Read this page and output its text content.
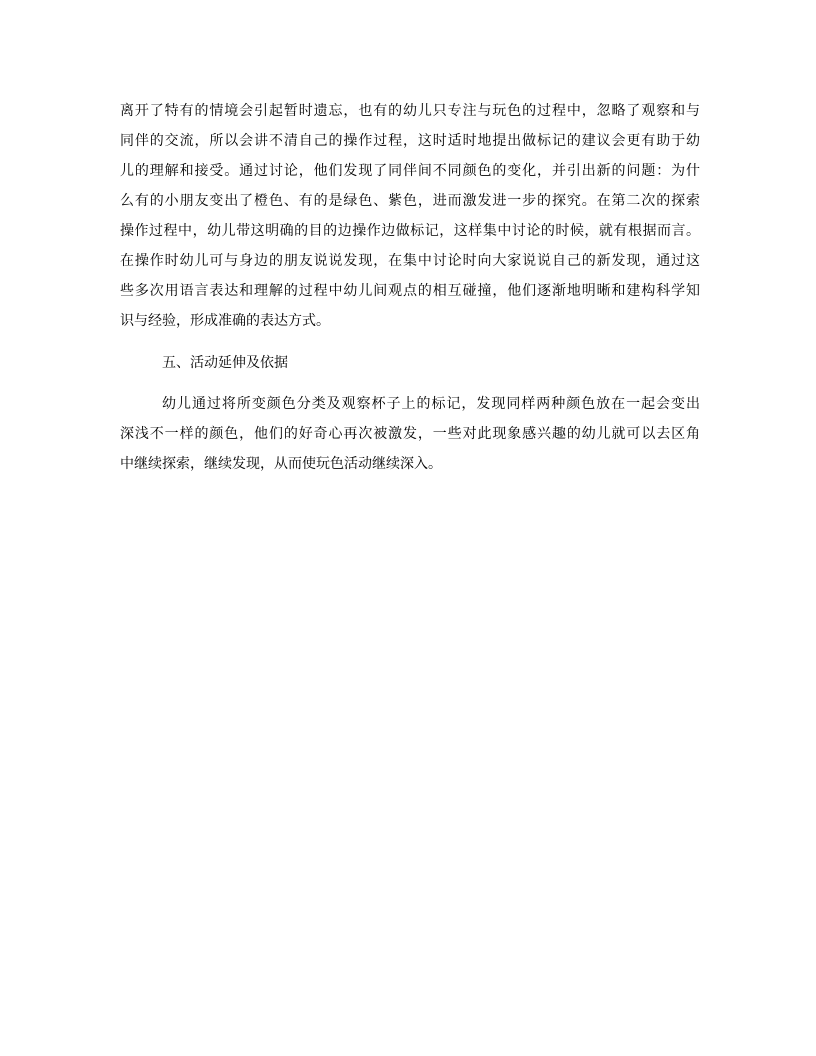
离开了特有的情境会引起暂时遗忘，也有的幼儿只专注与玩色的过程中，忽略了观察和与
同伴的交流，所以会讲不清自己的操作过程，这时适时地提出做标记的建议会更有助于幼
儿的理解和接受。通过讨论，他们发现了同伴间不同颜色的变化，并引出新的问题：为什
么有的小朋友变出了橙色、有的是绿色、紫色，进而激发进一步的探究。在第二次的探索
操作过程中，幼儿带这明确的目的边操作边做标记，这样集中讨论的时候，就有根据而言。
在操作时幼儿可与身边的朋友说说发现，在集中讨论时向大家说说自己的新发现，通过这
些多次用语言表达和理解的过程中幼儿间观点的相互碰撞，他们逐渐地明晰和建构科学知
识与经验，形成准确的表达方式。
五、活动延伸及依据
幼儿通过将所变颜色分类及观察杯子上的标记，发现同样两种颜色放在一起会变出
深浅不一样的颜色，他们的好奇心再次被激发，一些对此现象感兴趣的幼儿就可以去区角
中继续探索，继续发现，从而使玩色活动继续深入。
